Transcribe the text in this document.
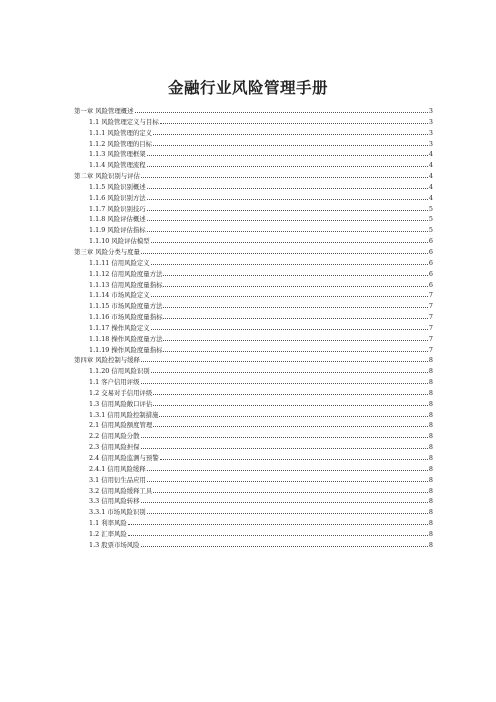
金融行业风险管理手册
第一章 风险管理概述	3
1.1 风险管理定义与目标	3
1.1.1 风险管理的定义	3
1.1.2 风险管理的目标	3
1.1.3 风险管理框架	4
1.1.4 风险管理流程	4
第二章 风险识别与评估	4
1.1.5 风险识别概述	4
1.1.6 风险识别方法	4
1.1.7 风险识别技巧	5
1.1.8 风险评估概述	5
1.1.9 风险评估指标	5
1.1.10 风险评估模型	6
第三章 风险分类与度量	6
1.1.11 信用风险定义	6
1.1.12 信用风险度量方法	6
1.1.13 信用风险度量指标	6
1.1.14 市场风险定义	7
1.1.15 市场风险度量方法	7
1.1.16 市场风险度量指标	7
1.1.17 操作风险定义	7
1.1.18 操作风险度量方法	7
1.1.19 操作风险度量指标	7
第四章 风险控制与缓释	8
1.1.20 信用风险识别	8
1.1 客户信用评级	8
1.2 交易对手信用评级	8
1.3 信用风险敞口评估	8
1.3.1 信用风险控制措施	8
2.1 信用风险额度管理	8
2.2 信用风险分散	8
2.3 信用风险担保	8
2.4 信用风险监测与预警	8
2.4.1 信用风险缓释	8
3.1 信用衍生品应用	8
3.2 信用风险缓释工具	8
3.3 信用风险转移	8
3.3.1 市场风险识别	8
1.1 利率风险	8
1.2 汇率风险	8
1.3 股票市场风险	8
